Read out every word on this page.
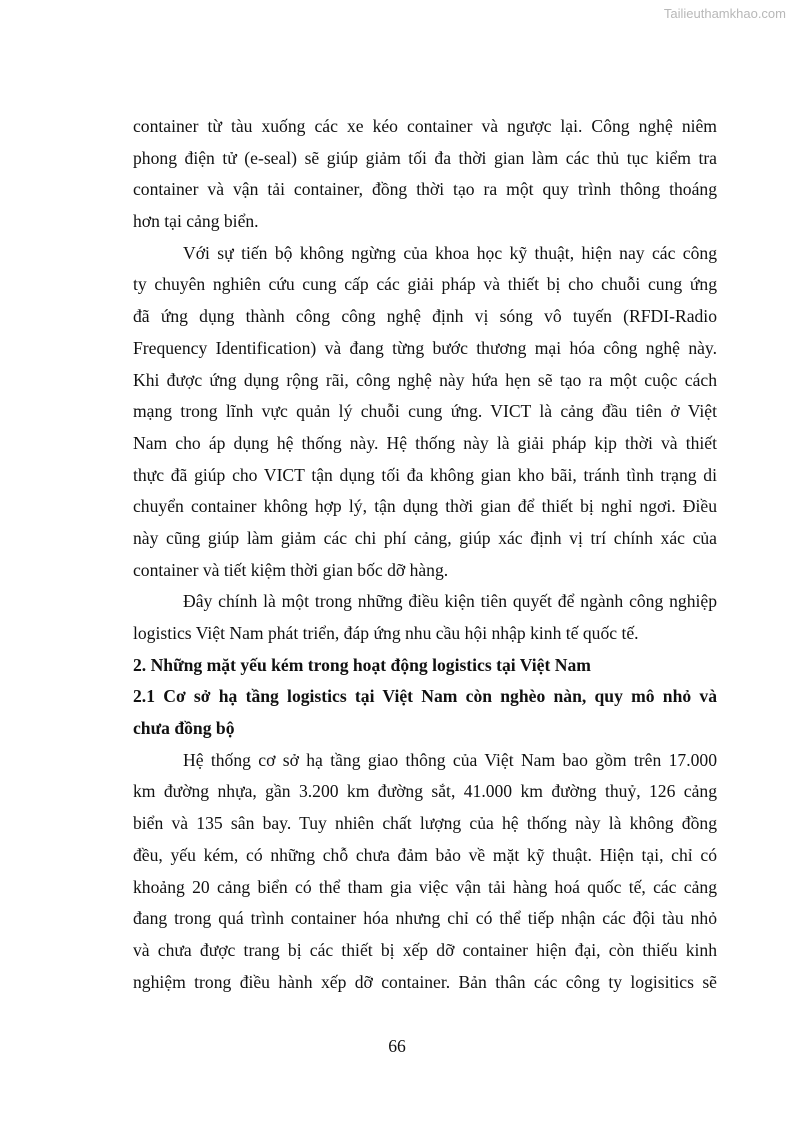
Tailieuthamkhao.com
container từ tàu xuống các xe kéo container và ngược lại. Công nghệ niêm
phong điện tử (e-seal) sẽ giúp giảm tối đa thời gian làm các thủ tục kiểm tra
container và vận tải container, đồng thời tạo ra một quy trình thông thoáng
hơn tại cảng biển.
Với sự tiến bộ không ngừng của khoa học kỹ thuật, hiện nay các công
ty chuyên nghiên cứu cung cấp các giải pháp và thiết bị cho chuỗi cung ứng
đã ứng dụng thành công công nghệ định vị sóng vô tuyến (RFDI-Radio
Frequency Identification) và đang từng bước thương mại hóa công nghệ này.
Khi được ứng dụng rộng rãi, công nghệ này hứa hẹn sẽ tạo ra một cuộc cách
mạng trong lĩnh vực quản lý chuỗi cung ứng. VICT là cảng đầu tiên ở Việt
Nam cho áp dụng hệ thống này. Hệ thống này là giải pháp kịp thời và thiết
thực đã giúp cho VICT tận dụng tối đa không gian kho bãi, tránh tình trạng di
chuyển container không hợp lý, tận dụng thời gian để thiết bị nghỉ ngơi. Điều
này cũng giúp làm giảm các chi phí cảng, giúp xác định vị trí chính xác của
container và tiết kiệm thời gian bốc dỡ hàng.
Đây chính là một trong những điều kiện tiên quyết để ngành công nghiệp
logistics Việt Nam phát triển, đáp ứng nhu cầu hội nhập kinh tế quốc tế.
2. Những mặt yếu kém trong hoạt động logistics tại Việt Nam
2.1 Cơ sở hạ tầng logistics tại Việt Nam còn nghèo nàn, quy mô nhỏ và
chưa đồng bộ
Hệ thống cơ sở hạ tầng giao thông của Việt Nam bao gồm trên 17.000
km đường nhựa, gần 3.200 km đường sắt, 41.000 km đường thuỷ, 126 cảng
biển và 135 sân bay. Tuy nhiên chất lượng của hệ thống này là không đồng
đều, yếu kém, có những chỗ chưa đảm bảo về mặt kỹ thuật. Hiện tại, chỉ có
khoảng 20 cảng biển có thể tham gia việc vận tải hàng hoá quốc tế, các cảng
đang trong quá trình container hóa nhưng chỉ có thể tiếp nhận các đội tàu nhỏ
và chưa được trang bị các thiết bị xếp dỡ container hiện đại, còn thiếu kinh
nghiệm trong điều hành xếp dỡ container. Bản thân các công ty logisitics sẽ
66
